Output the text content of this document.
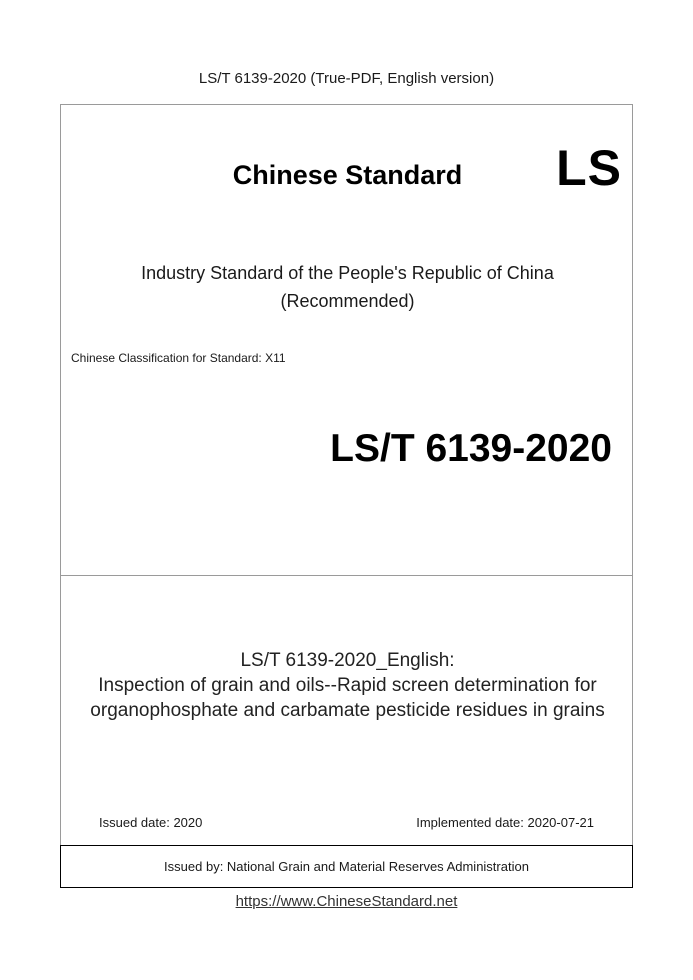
LS/T 6139-2020 (True-PDF, English version)
Chinese Standard	LS
Industry Standard of the People's Republic of China
(Recommended)
Chinese Classification for Standard: X11
LS/T 6139-2020
LS/T 6139-2020_English:
Inspection of grain and oils--Rapid screen determination for
organophosphate and carbamate pesticide residues in grains
Issued date: 2020	Implemented date: 2020-07-21
Issued by: National Grain and Material Reserves Administration
https://www.ChineseStandard.net
